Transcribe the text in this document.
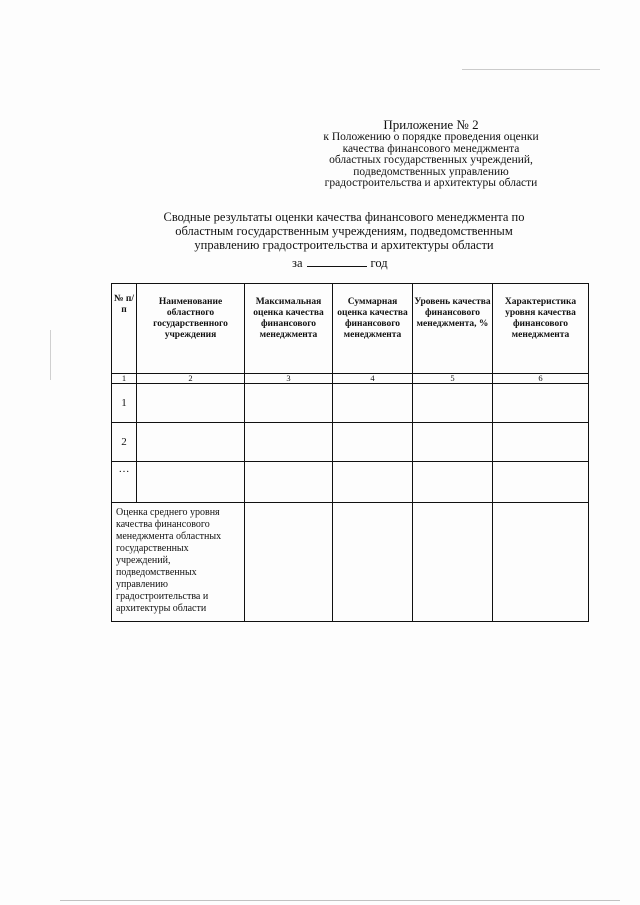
Приложение № 2
к Положению о порядке проведения оценки
качества финансового менеджмента
областных государственных учреждений,
подведомственных управлению
градостроительства и архитектуры области
Сводные результаты оценки качества финансового менеджмента по
областным государственным учреждениям, подведомственным
управлению градостроительства и архитектуры области
за	год
№ п/п	Наименование областного государственного учреждения	Максимальная оценка качества финансового менеджмента	Суммарная оценка качества финансового менеджмента	Уровень качества финансового менеджмента, %	Характеристика уровня качества финансового менеджмента
1	2	3	4	5	6
1					
2					
…					
Оценка среднего уровня качества финансового менеджмента областных государственных учреждений, подведомственных управлению градостроительства и архитектуры области					
